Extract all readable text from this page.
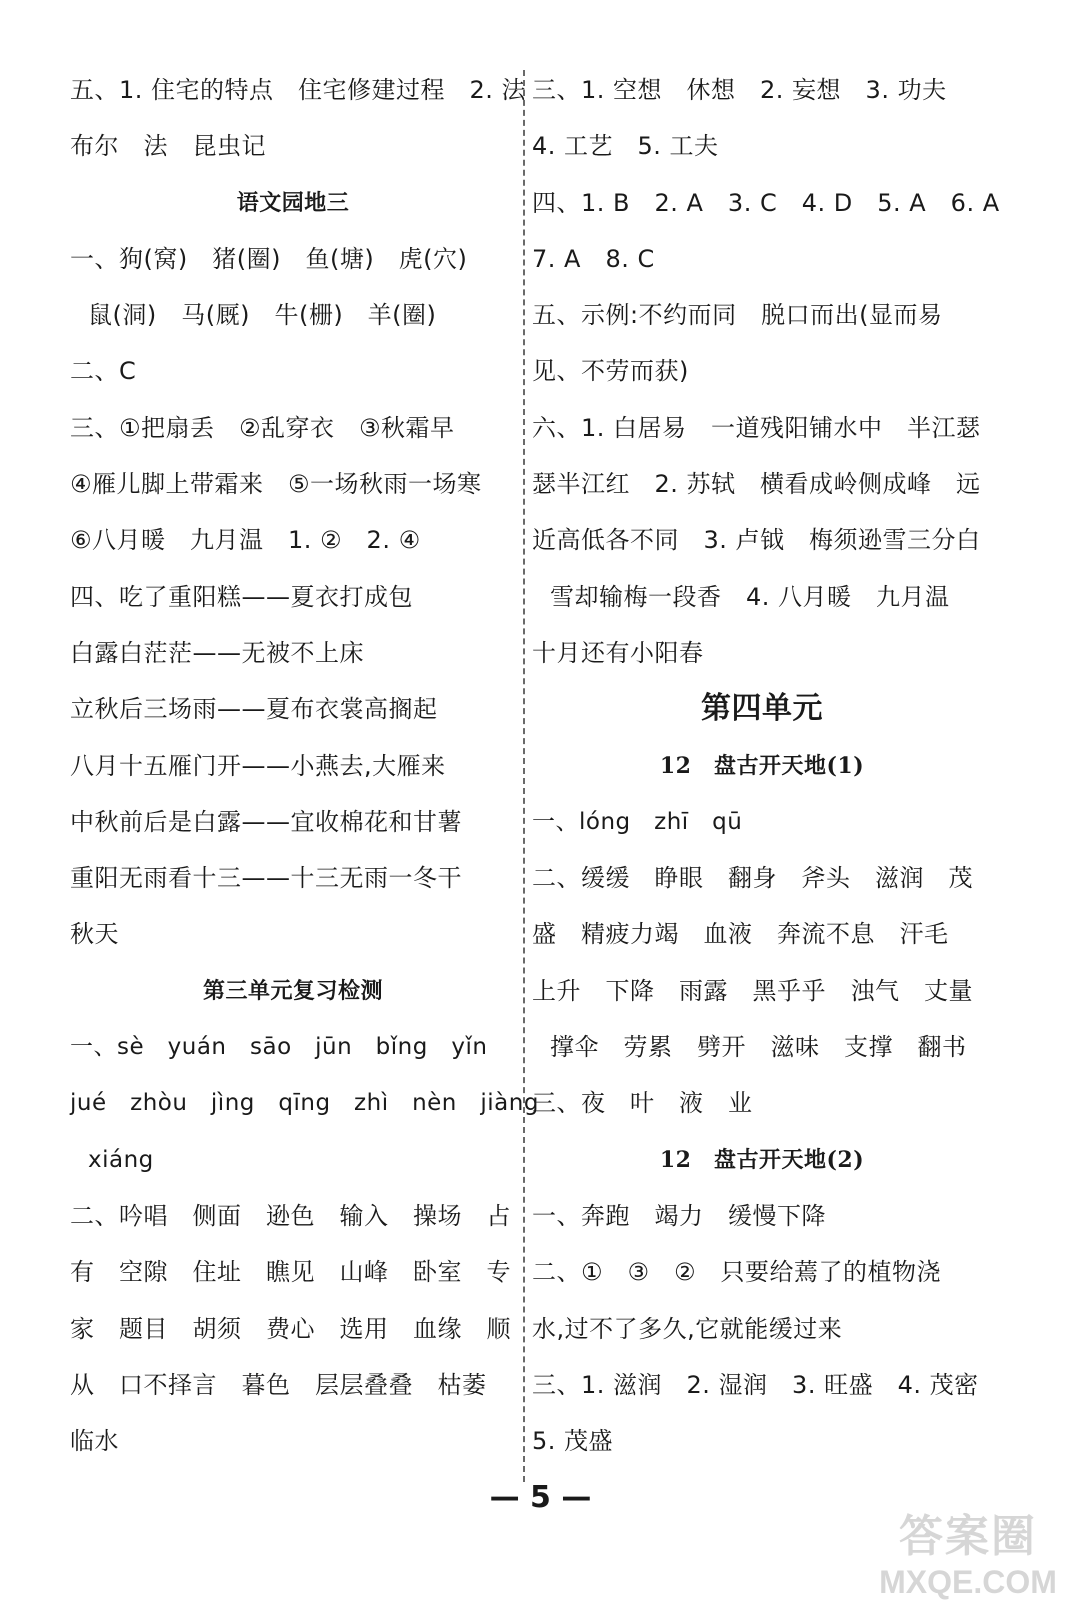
五、1. 住宅的特点　住宅修建过程　2. 法
布尔　法　昆虫记
语文园地三
一、狗(窝)　猪(圈)　鱼(塘)　虎(穴)
鼠(洞)　马(厩)　牛(栅)　羊(圈)
二、C
三、①把扇丢　②乱穿衣　③秋霜早
④雁儿脚上带霜来　⑤一场秋雨一场寒
⑥八月暖　九月温　1. ②　2. ④
四、吃了重阳糕——夏衣打成包
白露白茫茫——无被不上床
立秋后三场雨——夏布衣裳高搁起
八月十五雁门开——小燕去,大雁来
中秋前后是白露——宜收棉花和甘薯
重阳无雨看十三——十三无雨一冬干
秋天
第三单元复习检测
一、sè　yuán　sāo　jūn　bǐng　yǐn
jué　zhòu　jìng　qīng　zhì　nèn　jiàng
xiáng
二、吟唱　侧面　逊色　输入　操场　占
有　空隙　住址　瞧见　山峰　卧室　专
家　题目　胡须　费心　选用　血缘　顺
从　口不择言　暮色　层层叠叠　枯萎
临水
三、1. 空想　休想　2. 妄想　3. 功夫
4. 工艺　5. 工夫
四、1. B　2. A　3. C　4. D　5. A　6. A
7. A　8. C
五、示例:不约而同　脱口而出(显而易
见、不劳而获)
六、1. 白居易　一道残阳铺水中　半江瑟
瑟半江红　2. 苏轼　横看成岭侧成峰　远
近高低各不同　3. 卢钺　梅须逊雪三分白
雪却输梅一段香　4. 八月暖　九月温
十月还有小阳春
第四单元
12　盘古开天地(1)
一、lóng　zhī　qū
二、缓缓　睁眼　翻身　斧头　滋润　茂
盛　精疲力竭　血液　奔流不息　汗毛
上升　下降　雨露　黑乎乎　浊气　丈量
撑伞　劳累　劈开　滋味　支撑　翻书
三、夜　叶　液　业
12　盘古开天地(2)
一、奔跑　竭力　缓慢下降
二、①　③　②　只要给蔫了的植物浇
水,过不了多久,它就能缓过来
三、1. 滋润　2. 湿润　3. 旺盛　4. 茂密
5. 茂盛
— 5 —
答案圈
MXQE.COM
